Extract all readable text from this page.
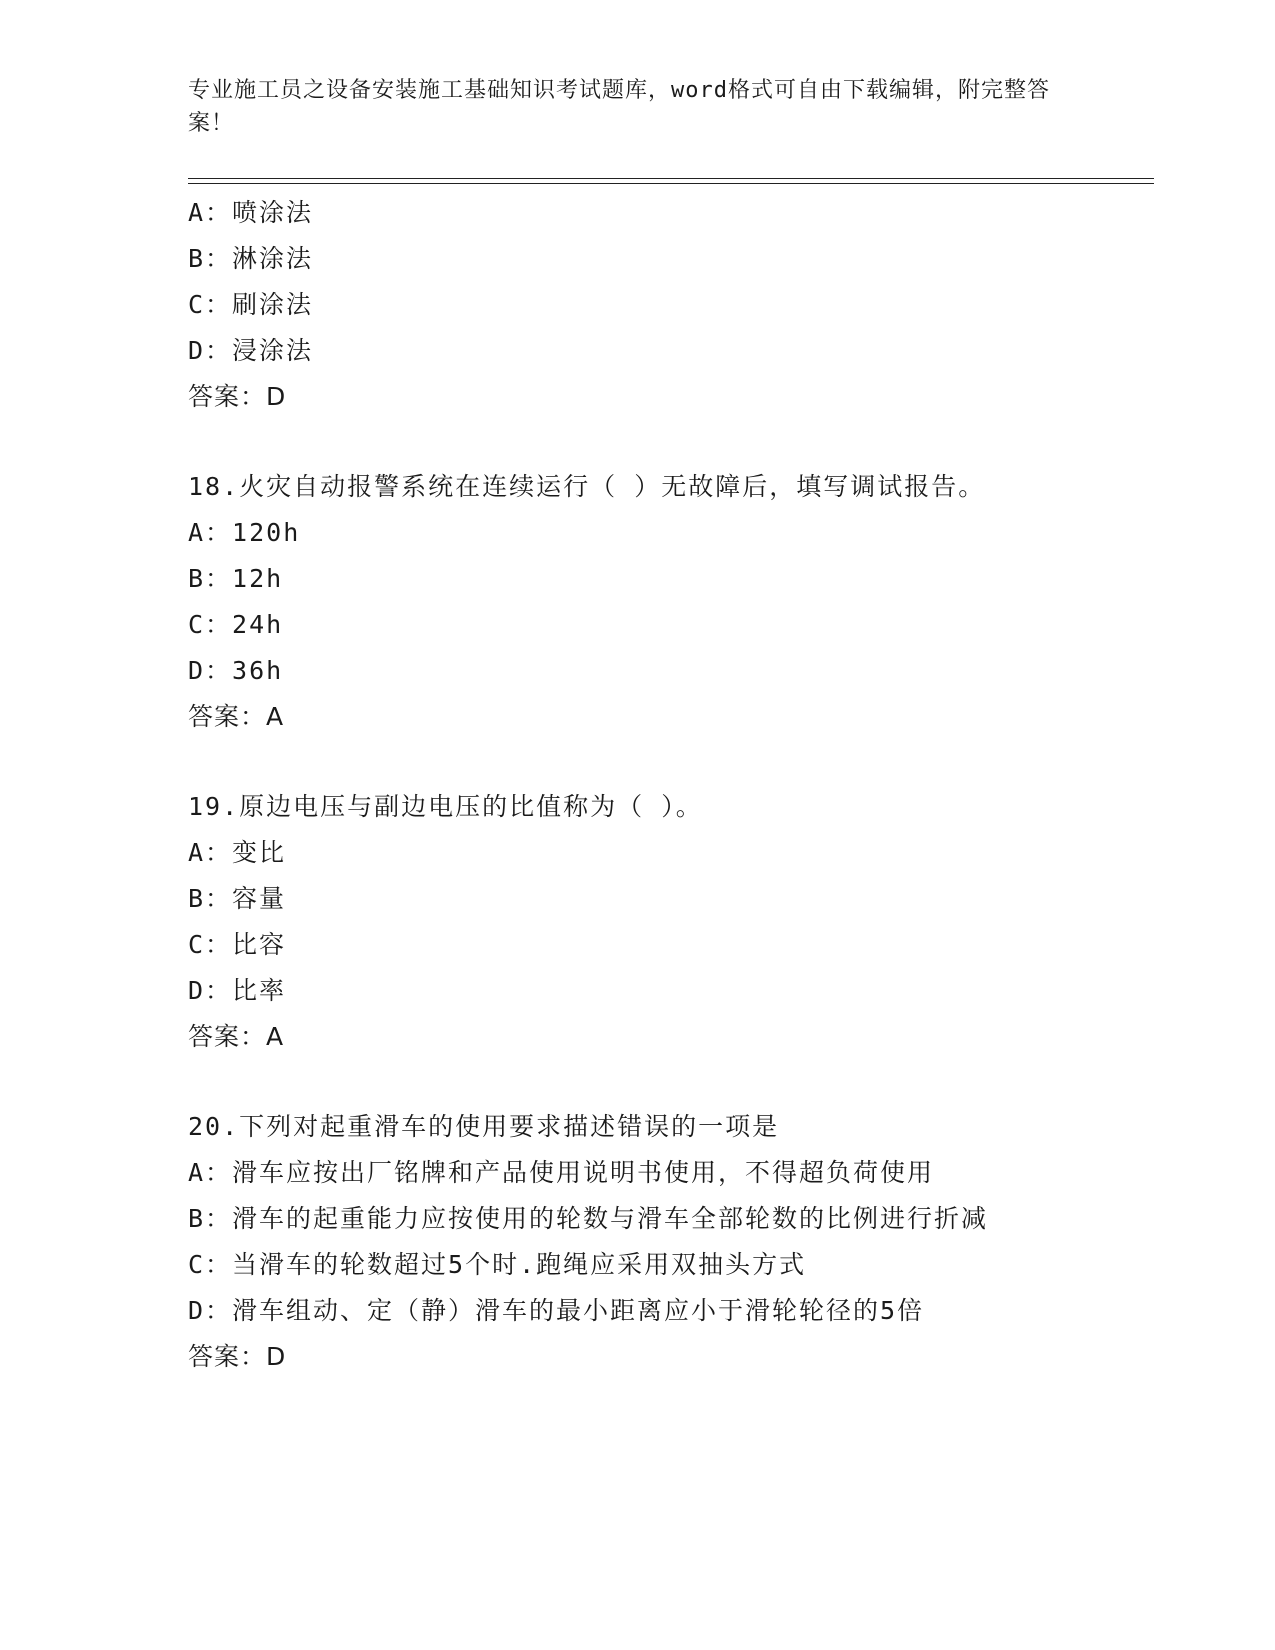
专业施工员之设备安装施工基础知识考试题库，word格式可自由下载编辑，附完整答案！
A：喷涂法
B：淋涂法
C：刷涂法
D：浸涂法
答案：D
18.火灾自动报警系统在连续运行（ ）无故障后，填写调试报告。
A：120h
B：12h
C：24h
D：36h
答案：A
19.原边电压与副边电压的比值称为（ ）。
A：变比
B：容量
C：比容
D：比率
答案：A
20.下列对起重滑车的使用要求描述错误的一项是
A：滑车应按出厂铭牌和产品使用说明书使用，不得超负荷使用
B：滑车的起重能力应按使用的轮数与滑车全部轮数的比例进行折减
C：当滑车的轮数超过5个时.跑绳应采用双抽头方式
D：滑车组动、定（静）滑车的最小距离应小于滑轮轮径的5倍
答案：D
